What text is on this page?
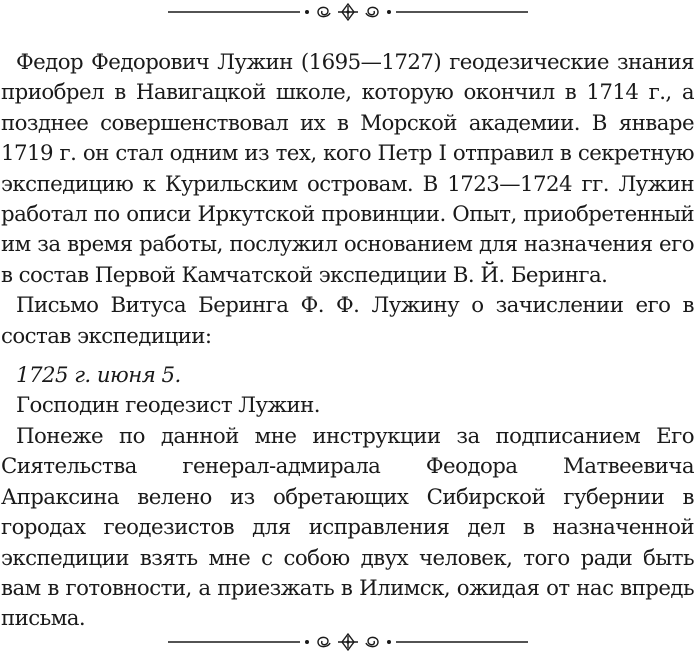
Федор Федорович Лужин (1695—1727) геодезические знания приобрел в Навигацкой школе, которую окончил в 1714 г., а позднее совершенствовал их в Морской академии. В январе 1719 г. он стал одним из тех, кого Петр I отправил в секретную экспедицию к Курильским островам. В 1723—1724 гг. Лужин работал по описи Иркутской провинции. Опыт, приобретенный им за время работы, послужил основанием для назначения его в состав Первой Камчатской экспедиции В. Й. Беринга.

Письмо Витуса Беринга Ф. Ф. Лужину о зачислении его в состав экспедиции:

1725 г. июня 5.

Господин геодезист Лужин.

Понеже по данной мне инструкции за подписанием Его Сиятельства генерал-адмирала Феодора Матвеевича Апраксина велено из обретающих Сибирской губернии в городах геодезистов для исправления дел в назначенной экспедиции взять мне с собою двух человек, того ради быть вам в готовности, а приезжать в Илимск, ожидая от нас впредь письма.
